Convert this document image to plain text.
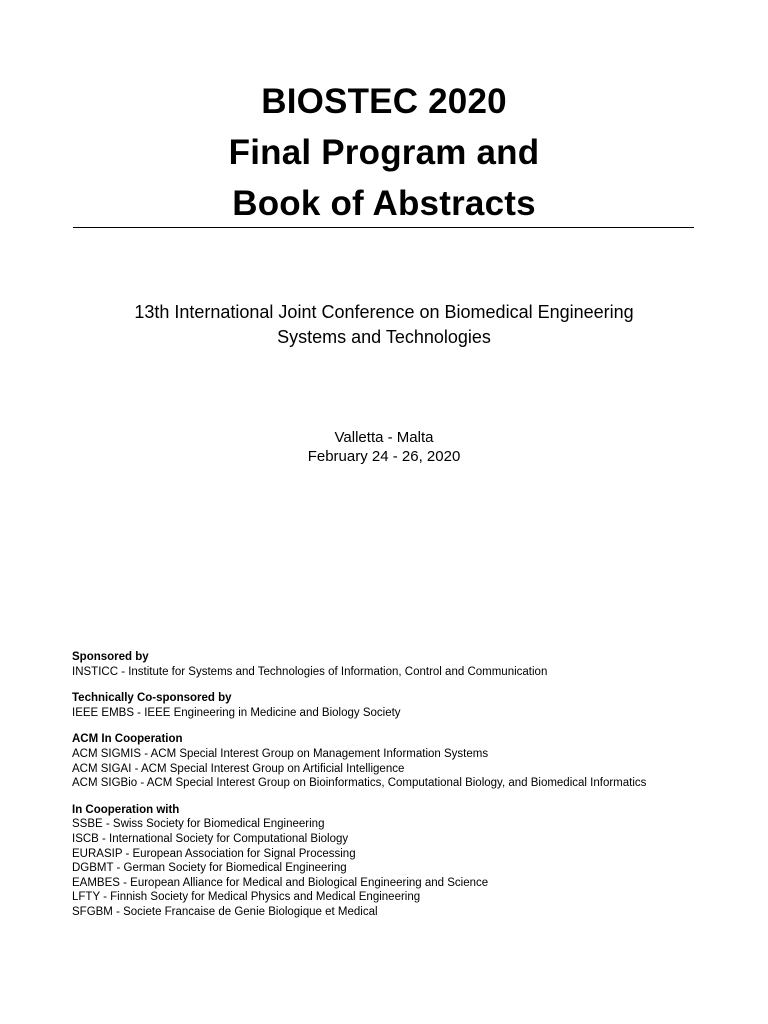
BIOSTEC 2020
Final Program and
Book of Abstracts
13th International Joint Conference on Biomedical Engineering
Systems and Technologies
Valletta - Malta
February 24 - 26, 2020
Sponsored by
INSTICC - Institute for Systems and Technologies of Information, Control and Communication
Technically Co-sponsored by
IEEE EMBS - IEEE Engineering in Medicine and Biology Society
ACM In Cooperation
ACM SIGMIS - ACM Special Interest Group on Management Information Systems
ACM SIGAI - ACM Special Interest Group on Artificial Intelligence
ACM SIGBio - ACM Special Interest Group on Bioinformatics, Computational Biology, and Biomedical Informatics
In Cooperation with
SSBE - Swiss Society for Biomedical Engineering
ISCB - International Society for Computational Biology
EURASIP - European Association for Signal Processing
DGBMT - German Society for Biomedical Engineering
EAMBES - European Alliance for Medical and Biological Engineering and Science
LFTY - Finnish Society for Medical Physics and Medical Engineering
SFGBM - Societe Francaise de Genie Biologique et Medical
